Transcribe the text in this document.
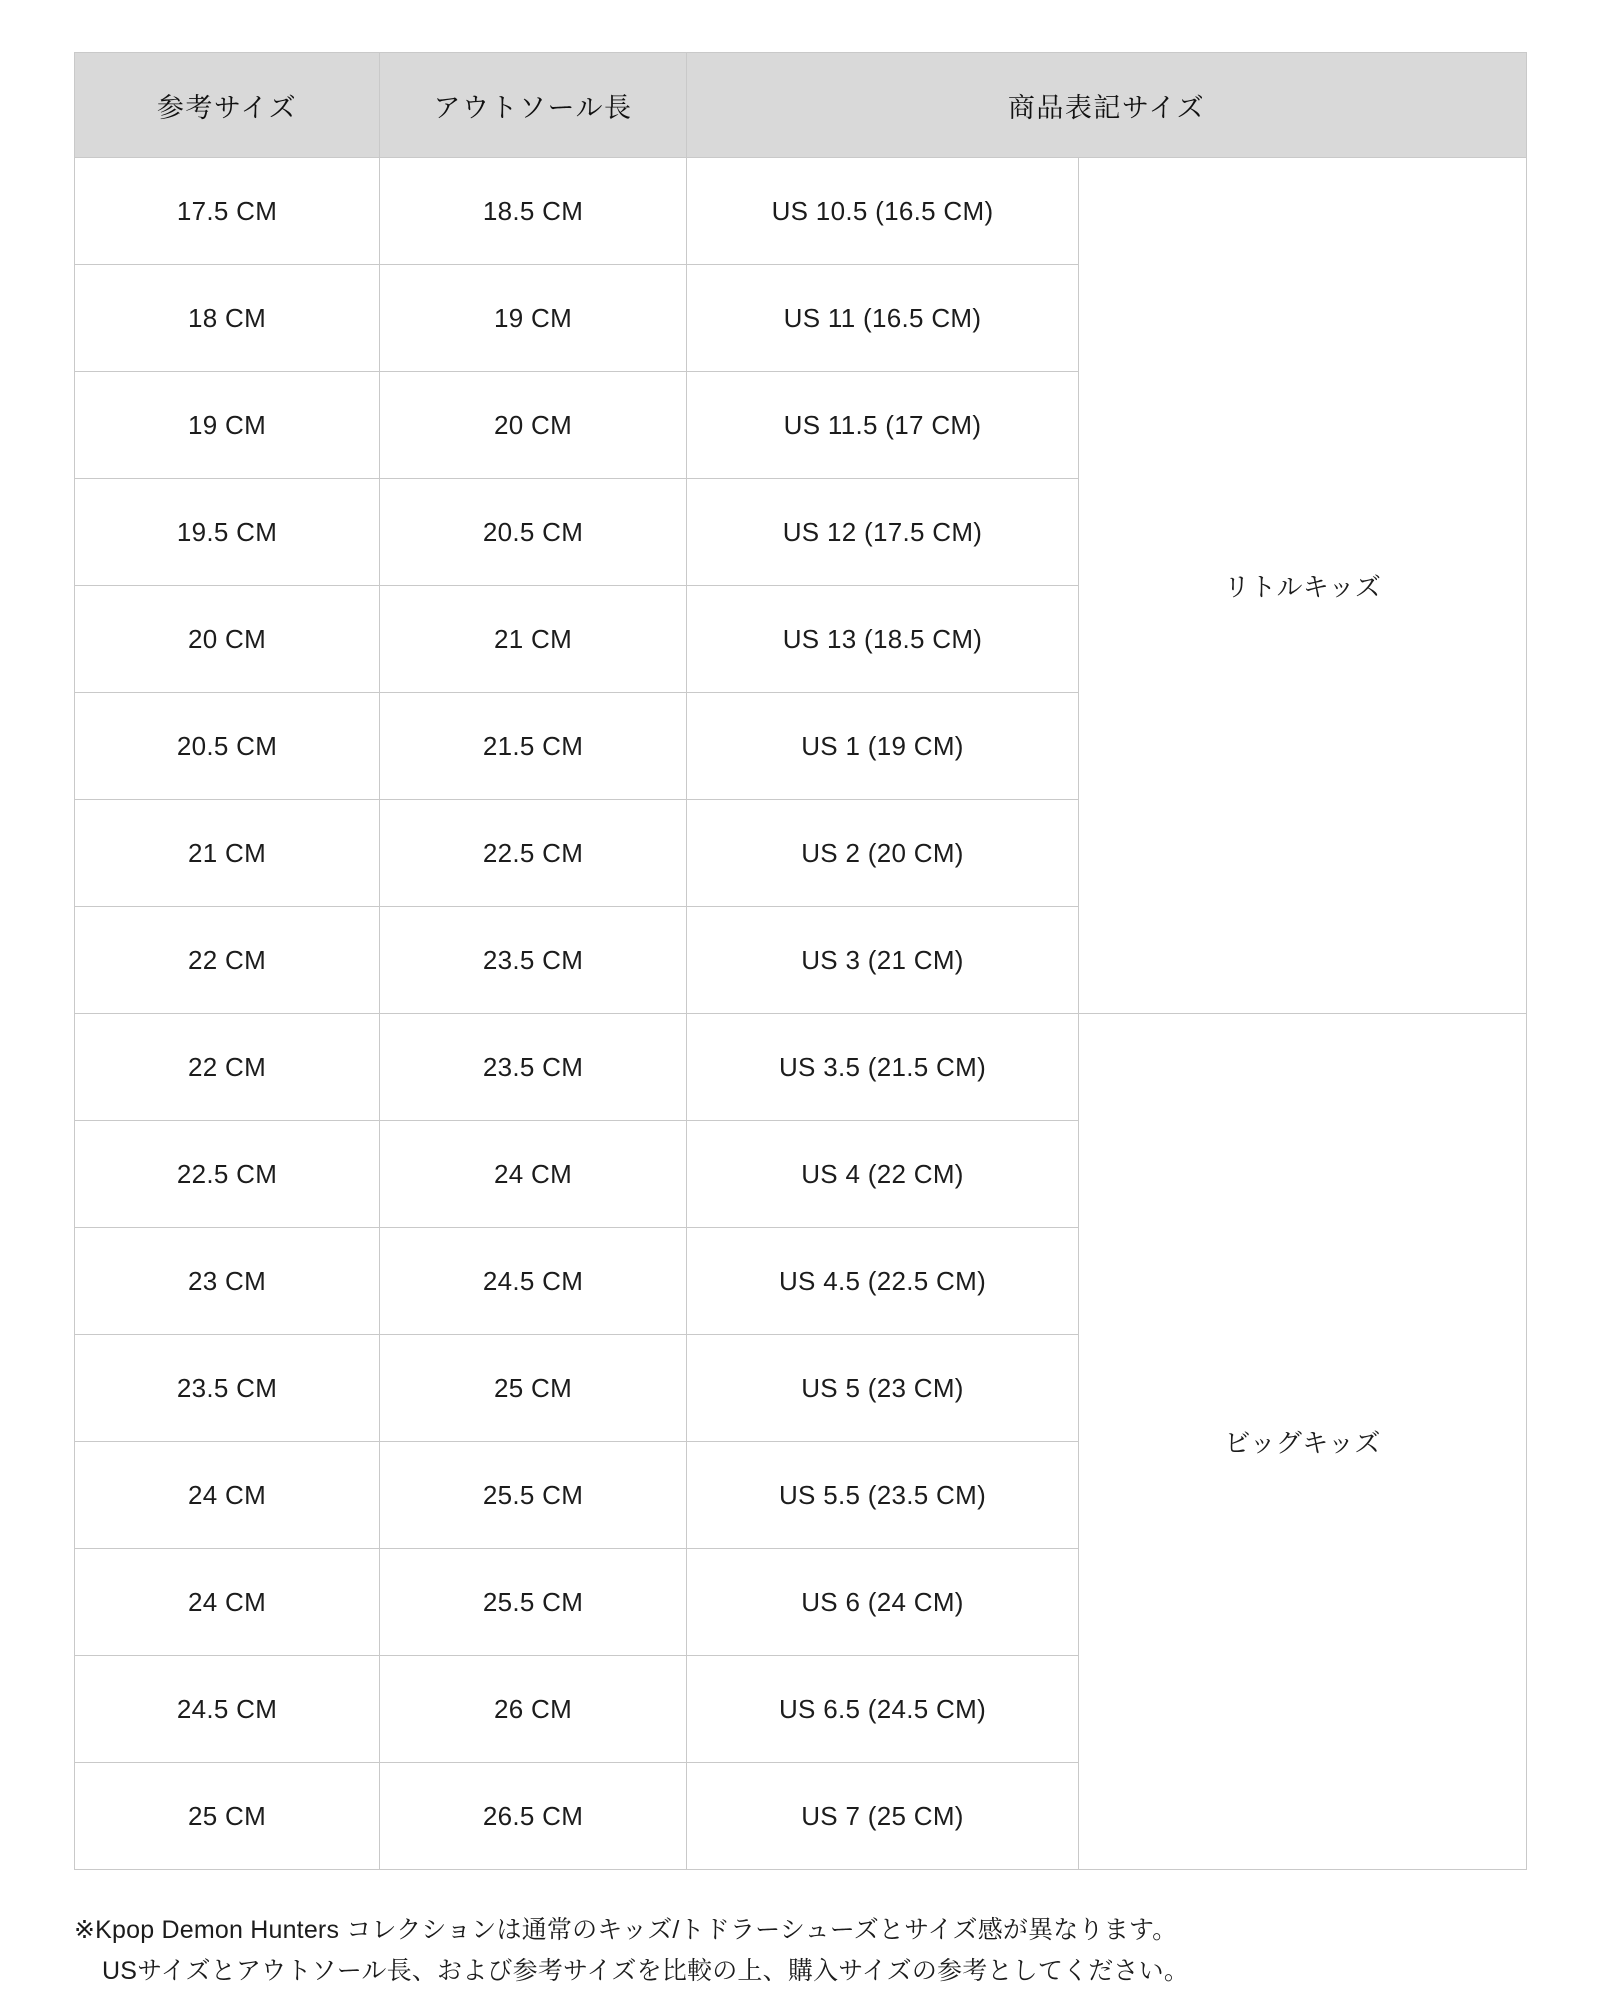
参考サイズ	アウトソール長	商品表記サイズ	
17.5 CM	18.5 CM	US 10.5 (16.5 CM)	リトルキッズ
18 CM	19 CM	US 11 (16.5 CM)	
19 CM	20 CM	US 11.5 (17 CM)	
19.5 CM	20.5 CM	US 12 (17.5 CM)	
20 CM	21 CM	US 13 (18.5 CM)	
20.5 CM	21.5 CM	US 1 (19 CM)	
21 CM	22.5 CM	US 2 (20 CM)	
22 CM	23.5 CM	US 3 (21 CM)	
22 CM	23.5 CM	US 3.5 (21.5 CM)	ビッグキッズ
22.5 CM	24 CM	US 4 (22 CM)	
23 CM	24.5 CM	US 4.5 (22.5 CM)	
23.5 CM	25 CM	US 5 (23 CM)	
24 CM	25.5 CM	US 5.5 (23.5 CM)	
24 CM	25.5 CM	US 6 (24 CM)	
24.5 CM	26 CM	US 6.5 (24.5 CM)	
25 CM	26.5 CM	US 7 (25 CM)	
※Kpop Demon Hunters コレクションは通常のキッズ/トドラーシューズとサイズ感が異なります。
USサイズとアウトソール長、および参考サイズを比較の上、購入サイズの参考としてください。
